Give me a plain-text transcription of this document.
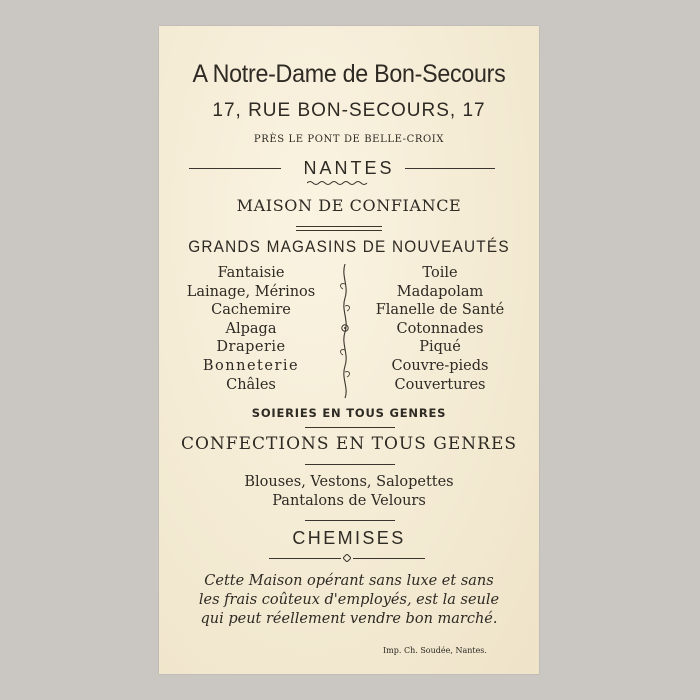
A Notre-Dame de Bon-Secours
17, RUE BON-SECOURS, 17
PRÈS LE PONT DE BELLE-CROIX
NANTES
MAISON DE CONFIANCE
GRANDS MAGASINS DE NOUVEAUTÉS
Fantaisie
Lainage, Mérinos
Cachemire
Alpaga
Draperie
Bonneterie
Châles
Toile
Madapolam
Flanelle de Santé
Cotonnades
Piqué
Couvre-pieds
Couvertures
SOIERIES EN TOUS GENRES
CONFECTIONS EN TOUS GENRES
Blouses, Vestons, Salopettes
Pantalons de Velours
CHEMISES
Cette Maison opérant sans luxe et sans
les frais coûteux d'employés, est la seule
qui peut réellement vendre bon marché.
Imp. Ch. Soudée, Nantes.
